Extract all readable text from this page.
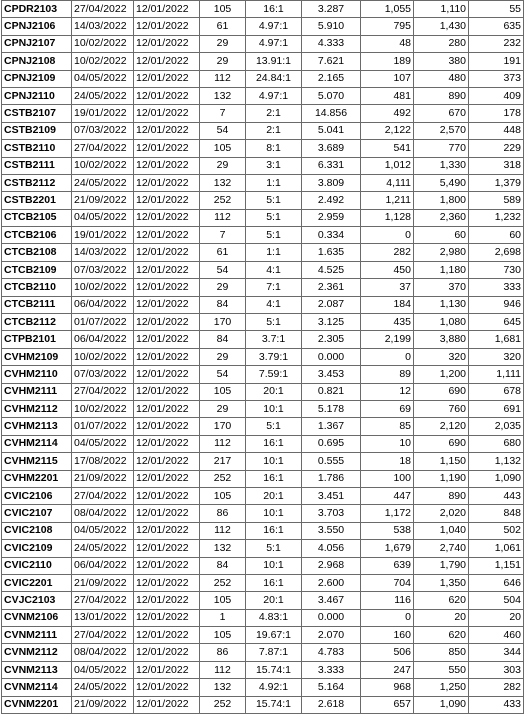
CPDR2103	27/04/2022	12/01/2022	105	16:1	3.287	1,055	1,110	55
CPNJ2106	14/03/2022	12/01/2022	61	4.97:1	5.910	795	1,430	635
CPNJ2107	10/02/2022	12/01/2022	29	4.97:1	4.333	48	280	232
CPNJ2108	10/02/2022	12/01/2022	29	13.91:1	7.621	189	380	191
CPNJ2109	04/05/2022	12/01/2022	112	24.84:1	2.165	107	480	373
CPNJ2110	24/05/2022	12/01/2022	132	4.97:1	5.070	481	890	409
CSTB2107	19/01/2022	12/01/2022	7	2:1	14.856	492	670	178
CSTB2109	07/03/2022	12/01/2022	54	2:1	5.041	2,122	2,570	448
CSTB2110	27/04/2022	12/01/2022	105	8:1	3.689	541	770	229
CSTB2111	10/02/2022	12/01/2022	29	3:1	6.331	1,012	1,330	318
CSTB2112	24/05/2022	12/01/2022	132	1:1	3.809	4,111	5,490	1,379
CSTB2201	21/09/2022	12/01/2022	252	5:1	2.492	1,211	1,800	589
CTCB2105	04/05/2022	12/01/2022	112	5:1	2.959	1,128	2,360	1,232
CTCB2106	19/01/2022	12/01/2022	7	5:1	0.334	0	60	60
CTCB2108	14/03/2022	12/01/2022	61	1:1	1.635	282	2,980	2,698
CTCB2109	07/03/2022	12/01/2022	54	4:1	4.525	450	1,180	730
CTCB2110	10/02/2022	12/01/2022	29	7:1	2.361	37	370	333
CTCB2111	06/04/2022	12/01/2022	84	4:1	2.087	184	1,130	946
CTCB2112	01/07/2022	12/01/2022	170	5:1	3.125	435	1,080	645
CTPB2101	06/04/2022	12/01/2022	84	3.7:1	2.305	2,199	3,880	1,681
CVHM2109	10/02/2022	12/01/2022	29	3.79:1	0.000	0	320	320
CVHM2110	07/03/2022	12/01/2022	54	7.59:1	3.453	89	1,200	1,111
CVHM2111	27/04/2022	12/01/2022	105	20:1	0.821	12	690	678
CVHM2112	10/02/2022	12/01/2022	29	10:1	5.178	69	760	691
CVHM2113	01/07/2022	12/01/2022	170	5:1	1.367	85	2,120	2,035
CVHM2114	04/05/2022	12/01/2022	112	16:1	0.695	10	690	680
CVHM2115	17/08/2022	12/01/2022	217	10:1	0.555	18	1,150	1,132
CVHM2201	21/09/2022	12/01/2022	252	16:1	1.786	100	1,190	1,090
CVIC2106	27/04/2022	12/01/2022	105	20:1	3.451	447	890	443
CVIC2107	08/04/2022	12/01/2022	86	10:1	3.703	1,172	2,020	848
CVIC2108	04/05/2022	12/01/2022	112	16:1	3.550	538	1,040	502
CVIC2109	24/05/2022	12/01/2022	132	5:1	4.056	1,679	2,740	1,061
CVIC2110	06/04/2022	12/01/2022	84	10:1	2.968	639	1,790	1,151
CVIC2201	21/09/2022	12/01/2022	252	16:1	2.600	704	1,350	646
CVJC2103	27/04/2022	12/01/2022	105	20:1	3.467	116	620	504
CVNM2106	13/01/2022	12/01/2022	1	4.83:1	0.000	0	20	20
CVNM2111	27/04/2022	12/01/2022	105	19.67:1	2.070	160	620	460
CVNM2112	08/04/2022	12/01/2022	86	7.87:1	4.783	506	850	344
CVNM2113	04/05/2022	12/01/2022	112	15.74:1	3.333	247	550	303
CVNM2114	24/05/2022	12/01/2022	132	4.92:1	5.164	968	1,250	282
CVNM2201	21/09/2022	12/01/2022	252	15.74:1	2.618	657	1,090	433
